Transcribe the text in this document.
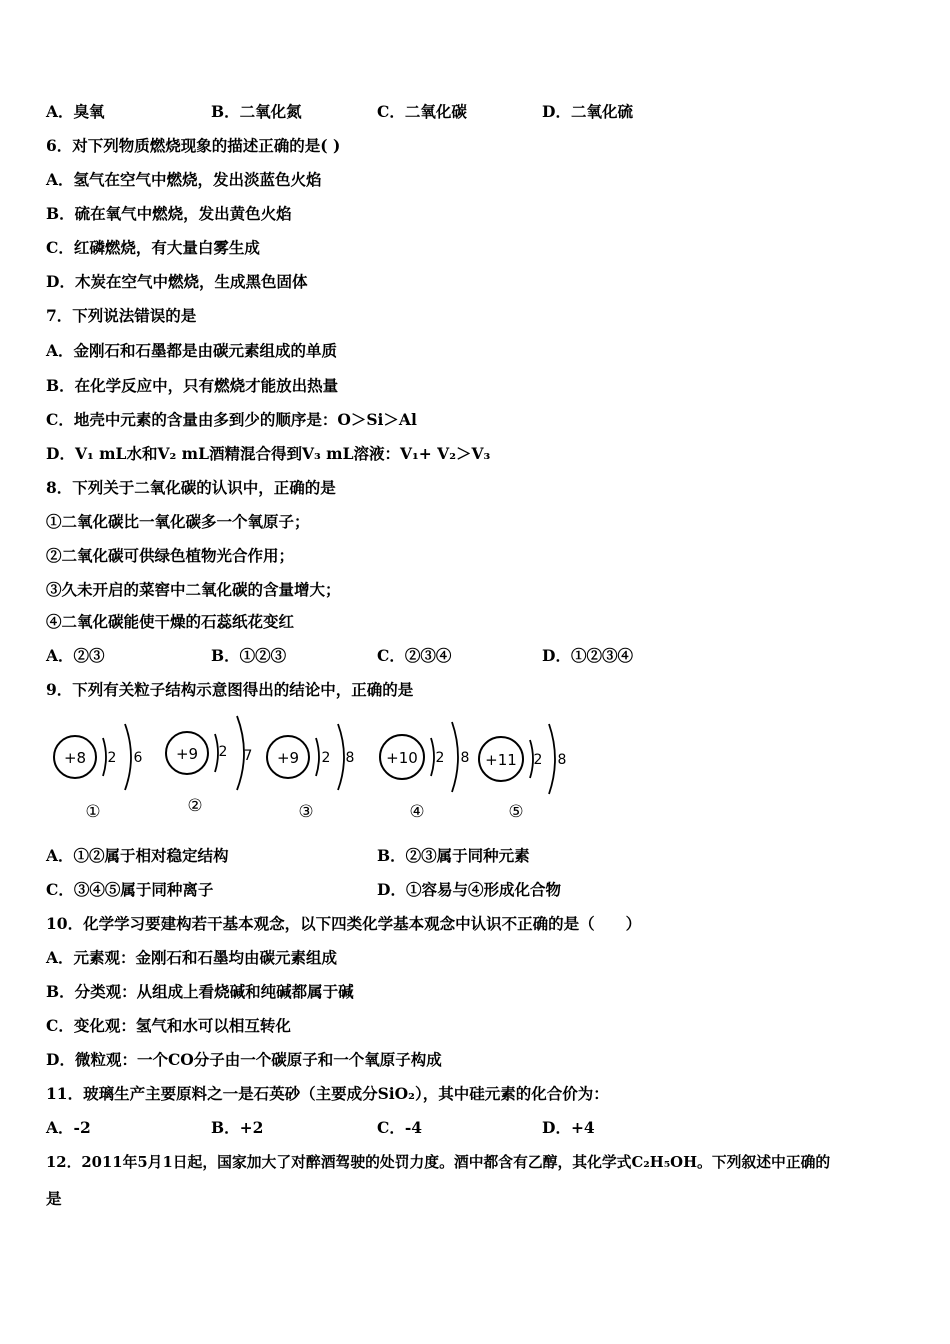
A．臭氧	B．二氧化氮	C．二氧化碳	D．二氧化硫
6．对下列物质燃烧现象的描述正确的是( )
A．氢气在空气中燃烧，发出淡蓝色火焰
B．硫在氧气中燃烧，发出黄色火焰
C．红磷燃烧，有大量白雾生成
D．木炭在空气中燃烧，生成黑色固体
7．下列说法错误的是
A．金刚石和石墨都是由碳元素组成的单质
B．在化学反应中，只有燃烧才能放出热量
C．地壳中元素的含量由多到少的顺序是：O＞Si＞Al
D．V₁ mL水和V₂ mL酒精混合得到V₃ mL溶液：V₁+ V₂＞V₃
8．下列关于二氧化碳的认识中，正确的是
①二氧化碳比一氧化碳多一个氧原子；
②二氧化碳可供绿色植物光合作用；
③久未开启的菜窖中二氧化碳的含量增大；
④二氧化碳能使干燥的石蕊纸花变红
A．②③	B．①②③	C．②③④	D．①②③④
9．下列有关粒子结构示意图得出的结论中，正确的是
+8 2 6
①
+9 2 7
②
+9 2 8
③
+10 2 8
④
+11 2 8
⑤
A．①②属于相对稳定结构	B．②③属于同种元素
C．③④⑤属于同种离子	D．①容易与④形成化合物
10．化学学习要建构若干基本观念，以下四类化学基本观念中认识不正确的是（　　）
A．元素观：金刚石和石墨均由碳元素组成
B．分类观：从组成上看烧碱和纯碱都属于碱
C．变化观：氢气和水可以相互转化
D．微粒观：一个CO分子由一个碳原子和一个氧原子构成
11．玻璃生产主要原料之一是石英砂（主要成分SiO₂），其中硅元素的化合价为：
A．-2	B．+2	C．-4	D．+4
12．2011年5月1日起，国家加大了对醉酒驾驶的处罚力度。酒中都含有乙醇，其化学式C₂H₅OH。下列叙述中正确的
是
